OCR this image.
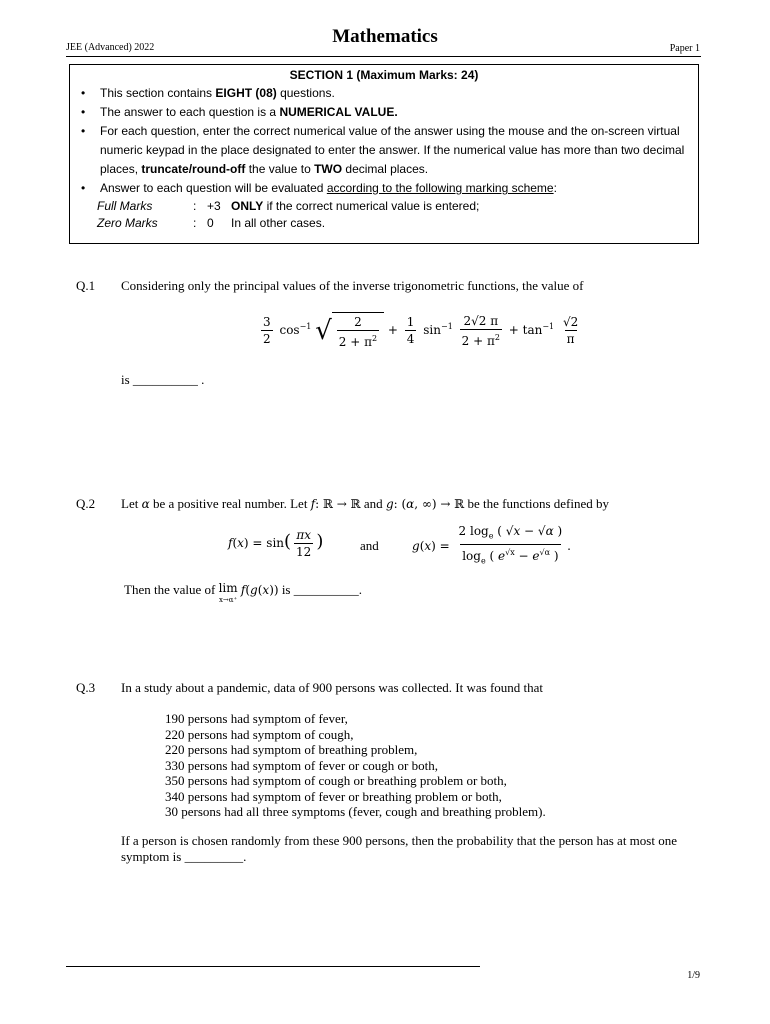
Mathematics
JEE (Advanced) 2022	Paper 1
SECTION 1 (Maximum Marks: 24)
• This section contains EIGHT (08) questions.
• The answer to each question is a NUMERICAL VALUE.
• For each question, enter the correct numerical value of the answer using the mouse and the on-screen virtual numeric keypad in the place designated to enter the answer. If the numerical value has more than two decimal places, truncate/round-off the value to TWO decimal places.
• Answer to each question will be evaluated according to the following marking scheme:
Full Marks	: +3 ONLY if the correct numerical value is entered;
Zero Marks	: 0	In all other cases.
Q.1 Considering only the principal values of the inverse trigonometric functions, the value of
$\frac{3}{2} \cos^{-1}$ √ $\frac{2}{2 + \pi^2} + \frac{1}{4} \sin^{-1} \frac{2√2 \pi}{2 + \pi^2} + \tan^{-1} \frac{√2}{\pi}$
is __________ .
Q.2 Let α be a positive real number. Let f: ℝ → ℝ and g: (α, ∞) → ℝ be the functions defined by
$f(x) = \sin( \frac{\pi x}{12}$ )	and	$g(x) = \frac{2 \log_e ( √x - √\alpha )}{\log_e ( e^{√x} - e^{√\alpha} )}$ .
Then the value of lim
x→α⁺
f(g(x)) is __________.
Q.3 In a study about a pandemic, data of 900 persons was collected. It was found that
190 persons had symptom of fever,
220 persons had symptom of cough,
220 persons had symptom of breathing problem,
330 persons had symptom of fever or cough or both,
350 persons had symptom of cough or breathing problem or both,
340 persons had symptom of fever or breathing problem or both,
30 persons had all three symptoms (fever, cough and breathing problem).
If a person is chosen randomly from these 900 persons, then the probability that the person has at most one symptom is _________.
1/9
